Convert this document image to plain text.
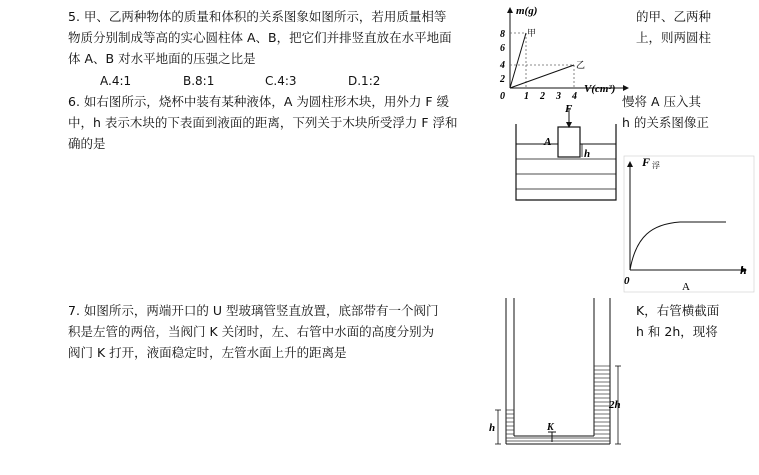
5. 甲、乙两种物体的质量和体积的关系图象如图所示，若用质量相等	的甲、乙两种
物质分别制成等高的实心圆柱体 A、B，把它们并排竖直放在水平地面	上，则两圆柱
体 A、B 对水平地面的压强之比是
A.4:1	B.8:1	C.4:3	D.1:2
m(g)
V(cm³)
0
8
6
4
2
1 2 3 4
甲
乙
6. 如右图所示，烧杯中装有某种液体，A 为圆柱形木块，用外力 F 缓	慢将 A 压入其
中，h 表示木块的下表面到液面的距离，下列关于木块所受浮力 F 浮和	h 的关系图像正
确的是
F
A
h
F 浮
h
0	A
7. 如图所示，两端开口的 U 型玻璃管竖直放置，底部带有一个阀门	K，右管横截面
积是左管的两倍，当阀门 K 关闭时，左、右管中水面的高度分别为	h 和 2h，现将
阀门 K 打开，液面稳定时，左管水面上升的距离是
K
h
2h
